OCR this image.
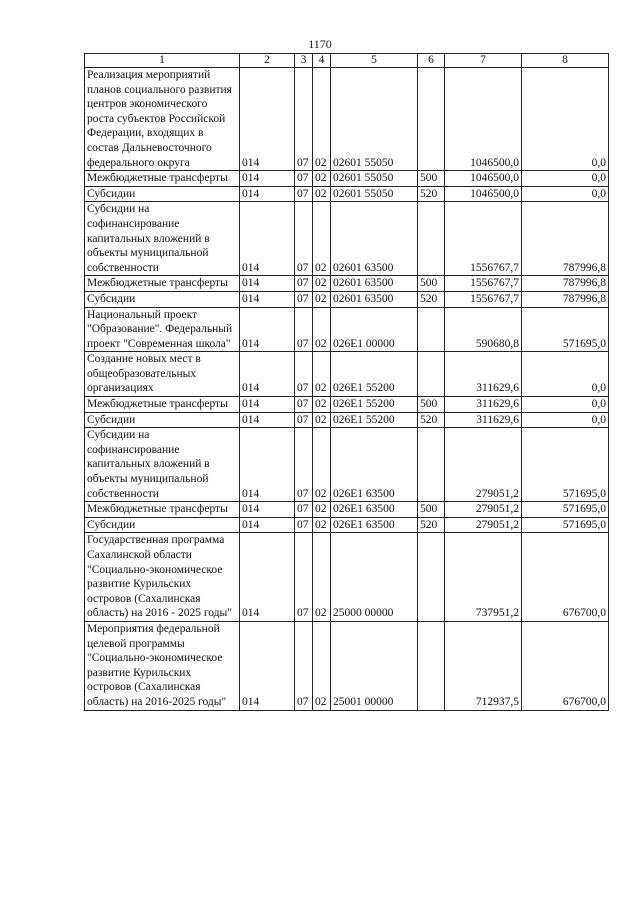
1170
1	2	3	4	5	6	7	8
Реализация мероприятий планов социального развития центров экономического роста субъектов Российской Федерации, входящих в состав Дальневосточного федерального округа	014	07	02	02601 55050		1046500,0	0,0
Межбюджетные трансферты	014	07	02	02601 55050	500	1046500,0	0,0
Субсидии	014	07	02	02601 55050	520	1046500,0	0,0
Субсидии на софинансирование капитальных вложений в объекты муниципальной собственности	014	07	02	02601 63500		1556767,7	787996,8
Межбюджетные трансферты	014	07	02	02601 63500	500	1556767,7	787996,8
Субсидии	014	07	02	02601 63500	520	1556767,7	787996,8
Национальный проект "Образование". Федеральный проект "Современная школа"	014	07	02	026E1 00000		590680,8	571695,0
Создание новых мест в общеобразовательных организациях	014	07	02	026E1 55200		311629,6	0,0
Межбюджетные трансферты	014	07	02	026E1 55200	500	311629,6	0,0
Субсидии	014	07	02	026E1 55200	520	311629,6	0,0
Субсидии на софинансирование капитальных вложений в объекты муниципальной собственности	014	07	02	026E1 63500		279051,2	571695,0
Межбюджетные трансферты	014	07	02	026E1 63500	500	279051,2	571695,0
Субсидии	014	07	02	026E1 63500	520	279051,2	571695,0
Государственная программа Сахалинской области "Социально-экономическое развитие Курильских островов (Сахалинская область) на 2016 - 2025 годы"	014	07	02	25000 00000		737951,2	676700,0
Мероприятия федеральной целевой программы "Социально-экономическое развитие Курильских островов (Сахалинская область) на 2016-2025 годы"	014	07	02	25001 00000		712937,5	676700,0
